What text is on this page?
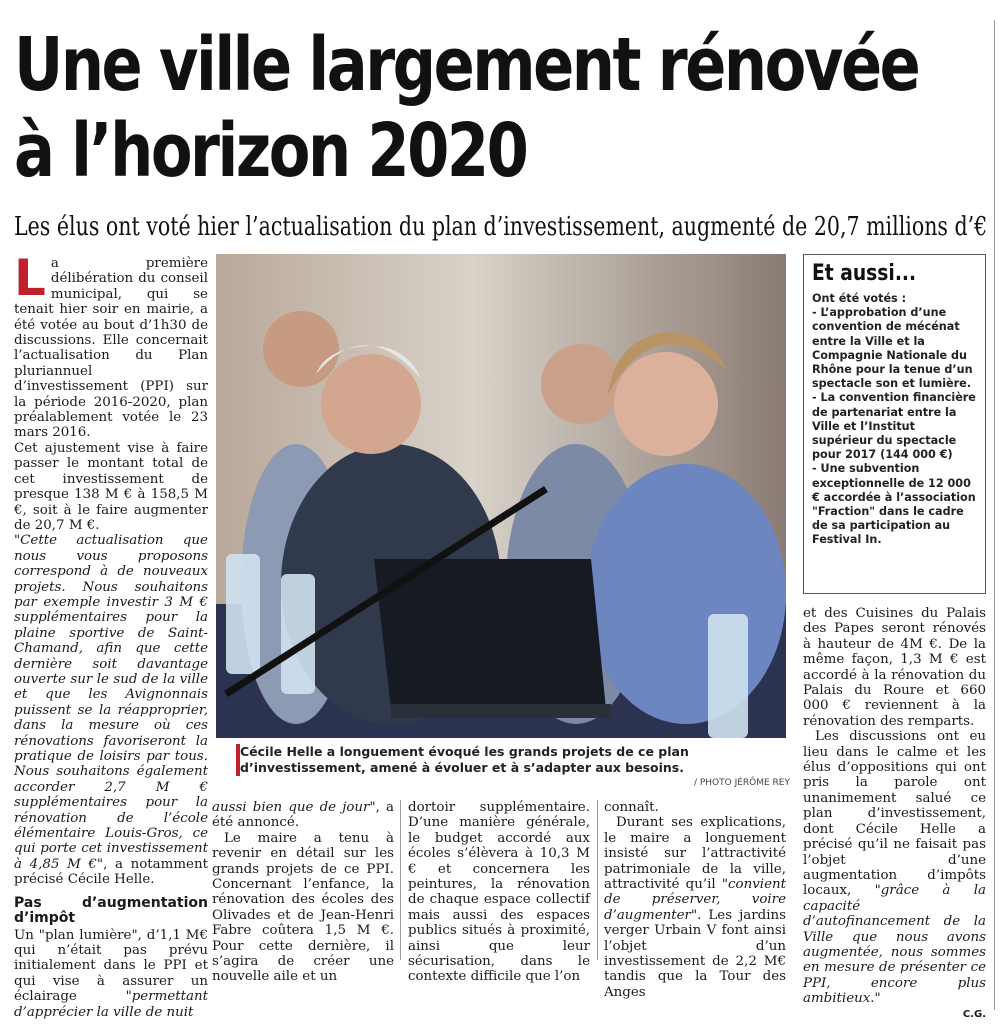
Une ville largement rénovée
à l’horizon 2020
Les élus ont voté hier l’actualisation du plan d’investissement, augmenté de 20,7 millions d’€

La première délibération du conseil municipal, qui se tenait hier soir en mairie, a été votée au bout d’1h30 de discussions. Elle concernait l’actualisation du Plan pluriannuel d’investissement (PPI) sur la période 2016-2020, plan préalablement votée le 23 mars 2016.

Cet ajustement vise à faire passer le montant total de cet investissement de presque 138 M € à 158,5 M €, soit à le faire augmenter de 20,7 M €.

"Cette actualisation que nous vous proposons correspond à de nouveaux projets. Nous souhaitons par exemple investir 3 M € supplémentaires pour la plaine sportive de Saint-Chamand, afin que cette dernière soit davantage ouverte sur le sud de la ville et que les Avignonnais puissent se la réapproprier, dans la mesure où ces rénovations favoriseront la pratique de loisirs par tous. Nous souhaitons également accorder 2,7 M € supplémentaires pour la rénovation de l’école élémentaire Louis-Gros, ce qui porte cet investissement à 4,85 M €", a notamment précisé Cécile Helle.

Pas d’augmentation d’impôt

Un "plan lumière", d’1,1 M€ qui n’était pas prévu initialement dans le PPI et qui vise à assurer un éclairage "permettant d’apprécier la ville de nuit

Cécile Helle a longuement évoqué les grands projets de ce plan d’investissement, amené à évoluer et à s’adapter aux besoins.
/ PHOTO JÉRÔME REY
Et aussi...

Ont été votés :

- L’approbation d’une convention de mécénat entre la Ville et la Compagnie Nationale du Rhône pour la tenue d’un spectacle son et lumière.

- La convention financière de partenariat entre la Ville et l’Institut supérieur du spectacle pour 2017 (144 000 €)

- Une subvention exceptionnelle de 12 000 € accordée à l’association "Fraction" dans le cadre de sa participation au Festival In.

aussi bien que de jour", a été annoncé.

Le maire a tenu à revenir en détail sur les grands projets de ce PPI. Concernant l’enfance, la rénovation des écoles des Olivades et de Jean-Henri Fabre coûtera 1,5 M €. Pour cette dernière, il s’agira de créer une nouvelle aile et un

dortoir supplémentaire. D’une manière générale, le budget accordé aux écoles s’élèvera à 10,3 M € et concernera les peintures, la rénovation de chaque espace collectif mais aussi des espaces publics situés à proximité, ainsi que leur sécurisation, dans le contexte difficile que l’on

connaît.

Durant ses explications, le maire a longuement insisté sur l’attractivité patrimoniale de la ville, attractivité qu’il "convient de préserver, voire d’augmenter". Les jardins verger Urbain V font ainsi l’objet d’un investissement de 2,2 M€ tandis que la Tour des Anges

et des Cuisines du Palais des Papes seront rénovés à hauteur de 4M €. De la même façon, 1,3 M € est accordé à la rénovation du Palais du Roure et 660 000 € reviennent à la rénovation des remparts.

Les discussions ont eu lieu dans le calme et les élus d’oppositions qui ont pris la parole ont unanimement salué ce plan d’investissement, dont Cécile Helle a précisé qu’il ne faisait pas l’objet d’une augmentation d’impôts locaux, "grâce à la capacité d’autofinancement de la Ville que nous avons augmentée, nous sommes en mesure de présenter ce PPI, encore plus ambitieux."

C.G.
